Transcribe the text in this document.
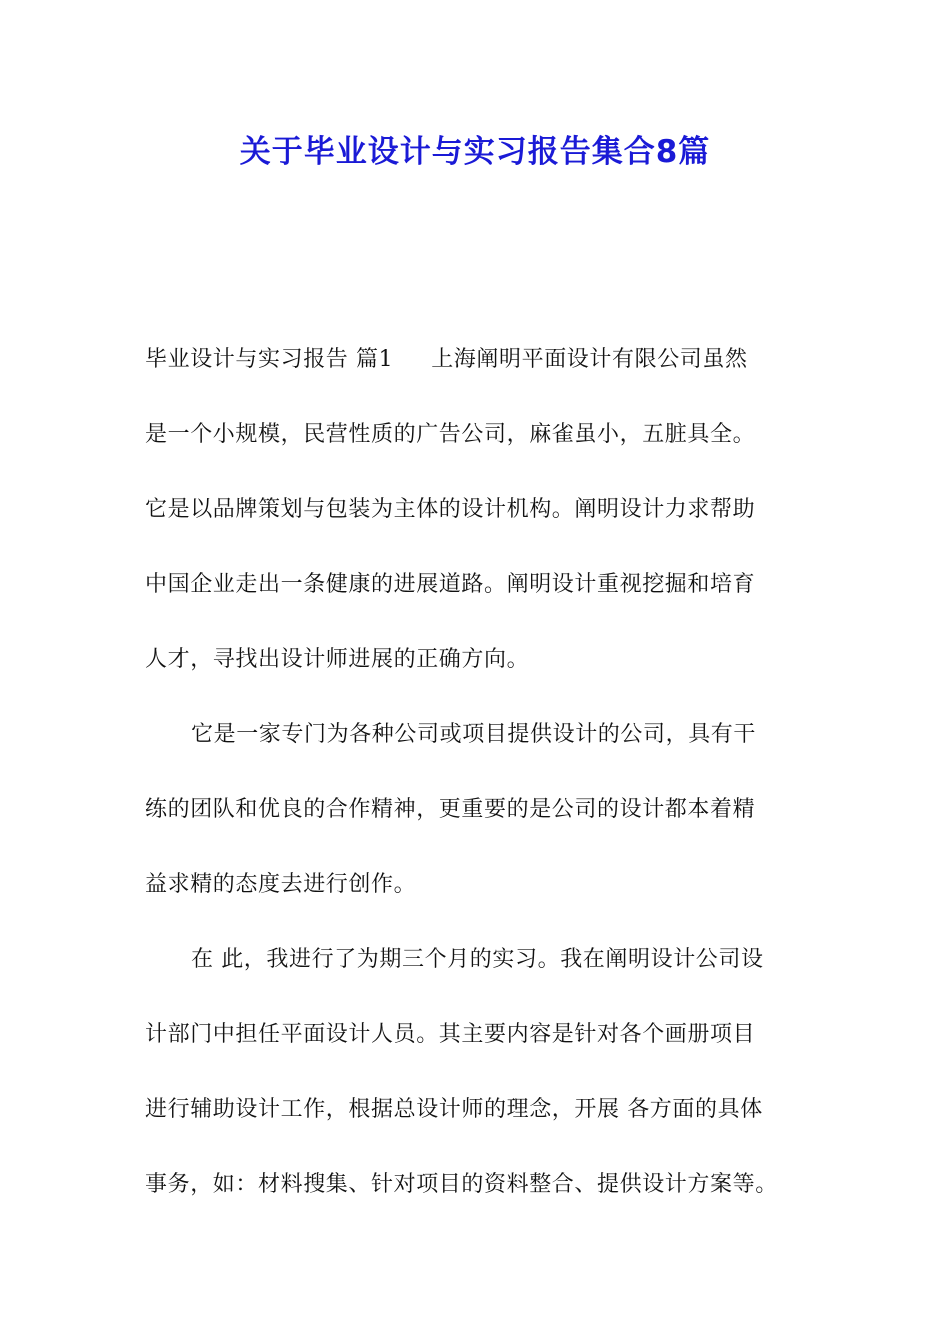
关于毕业设计与实习报告集合8篇
毕业设计与实习报告 篇1 上海阐明平面设计有限公司虽然
是一个小规模，民营性质的广告公司，麻雀虽小，五脏具全。
它是以品牌策划与包装为主体的设计机构。阐明设计力求帮助
中国企业走出一条健康的进展道路。阐明设计重视挖掘和培育
人才，寻找出设计师进展的正确方向。
它是一家专门为各种公司或项目提供设计的公司，具有干
练的团队和优良的合作精神，更重要的是公司的设计都本着精
益求精的态度去进行创作。
在 此，我进行了为期三个月的实习。我在阐明设计公司设
计部门中担任平面设计人员。其主要内容是针对各个画册项目
进行辅助设计工作，根据总设计师的理念，开展 各方面的具体
事务，如：材料搜集、针对项目的资料整合、提供设计方案等。
